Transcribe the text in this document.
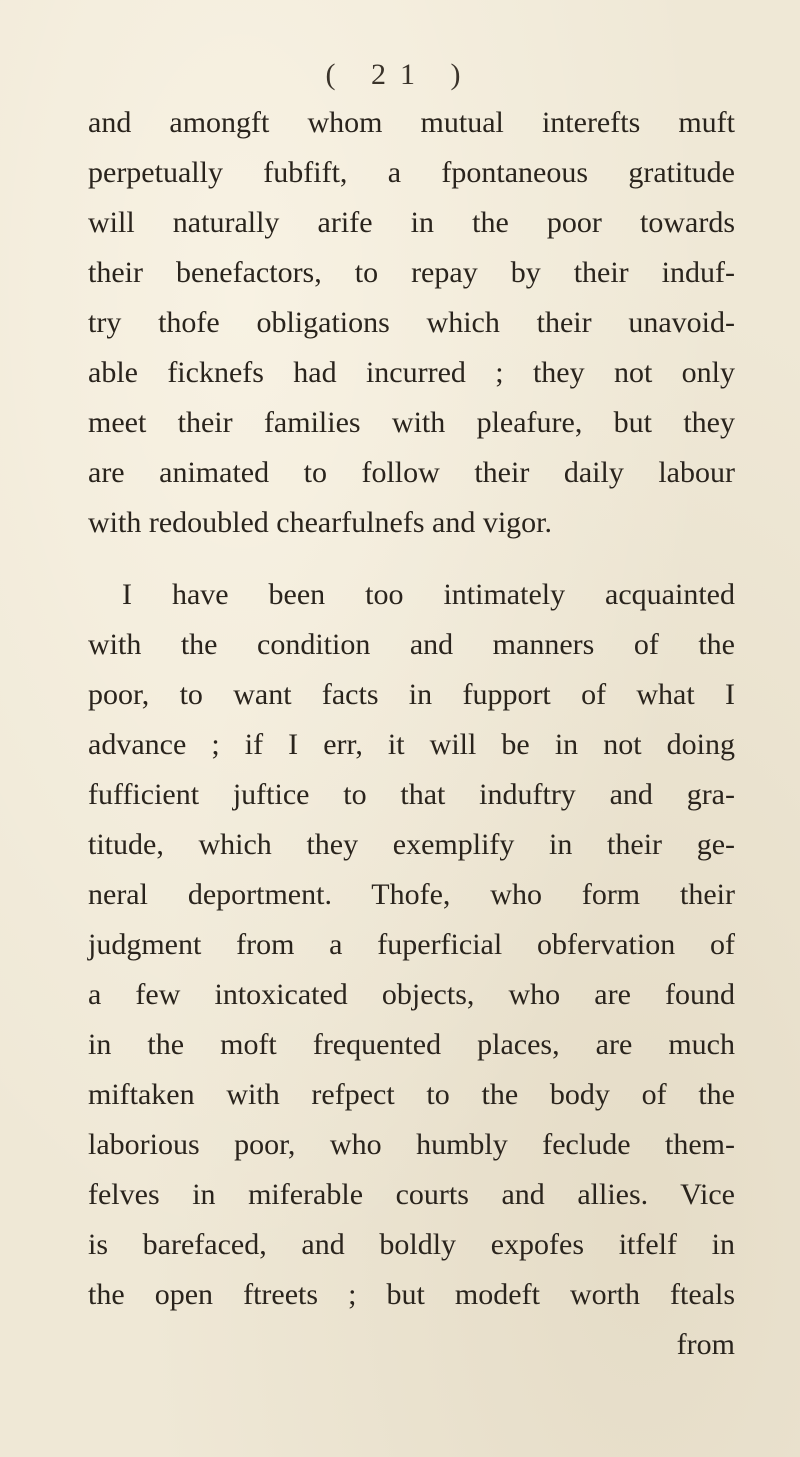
( 21 )
and amongft whom mutual interefts muft
perpetually fubfift, a fpontaneous gratitude
will naturally arife in the poor towards
their benefactors, to repay by their induf-
try thofe obligations which their unavoid-
able ficknefs had incurred ; they not only
meet their families with pleafure, but they
are animated to follow their daily labour
with redoubled chearfulnefs and vigor.
I have been too intimately acquainted
with the condition and manners of the
poor, to want facts in fupport of what I
advance ; if I err, it will be in not doing
fufficient juftice to that induftry and gra-
titude, which they exemplify in their ge-
neral deportment. Thofe, who form their
judgment from a fuperficial obfervation of
a few intoxicated objects, who are found
in the moft frequented places, are much
miftaken with refpect to the body of the
laborious poor, who humbly feclude them-
felves in miferable courts and allies. Vice
is barefaced, and boldly expofes itfelf in
the open ftreets ; but modeft worth fteals
from
